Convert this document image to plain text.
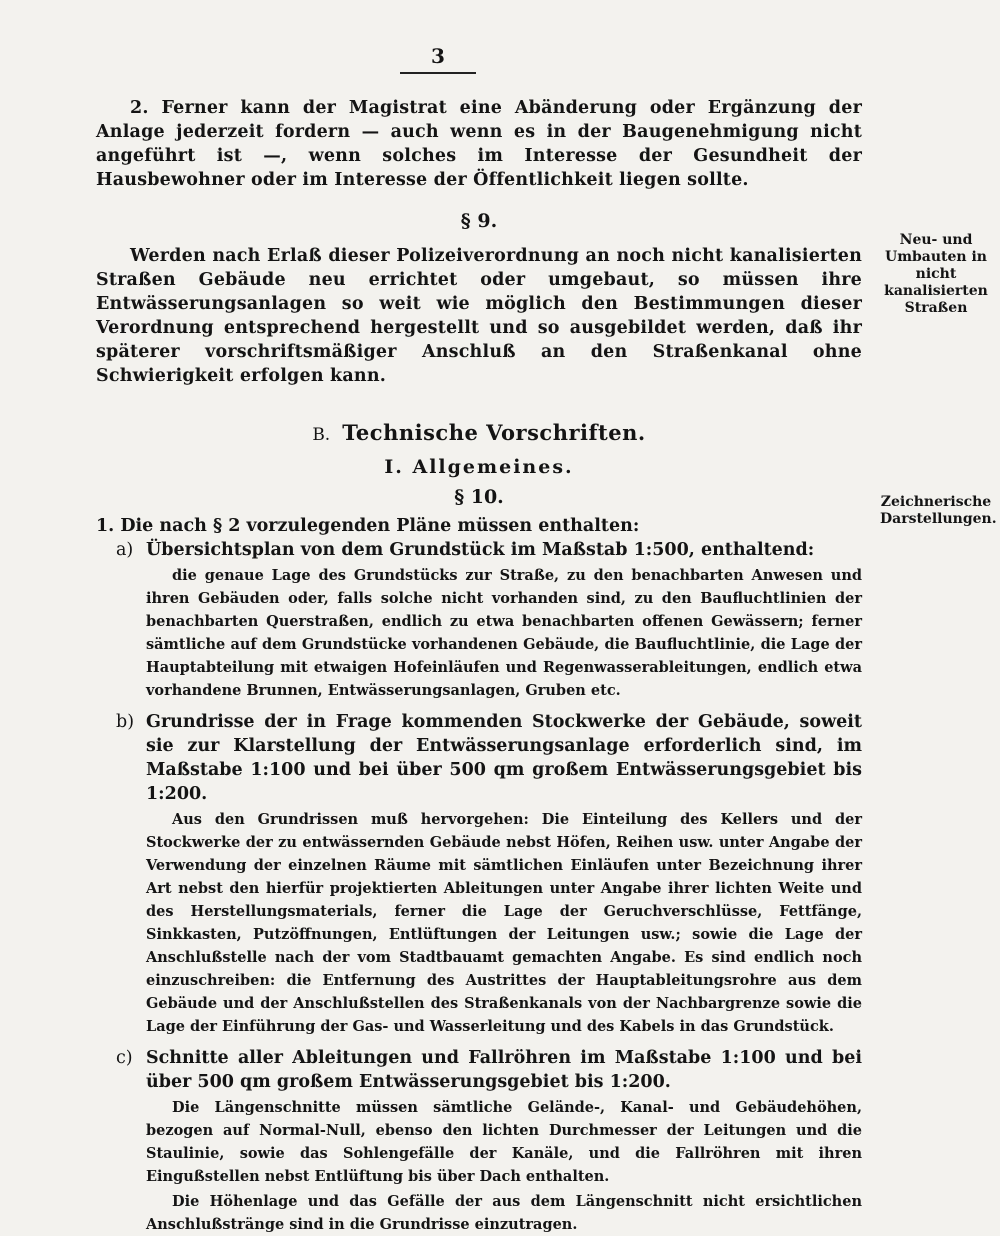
3
Neu- und Umbauten in nicht kanalisierten Straßen
Zeichnerische Darstellungen.

2. Ferner kann der Magistrat eine Abänderung oder Ergänzung der Anlage jederzeit fordern — auch wenn es in der Baugenehmigung nicht angeführt ist —, wenn solches im Interesse der Gesundheit der Hausbewohner oder im Interesse der Öffentlichkeit liegen sollte.

§ 9.

Werden nach Erlaß dieser Polizeiverordnung an noch nicht kanalisierten Straßen Gebäude neu errichtet oder umgebaut, so müssen ihre Entwässerungsanlagen so weit wie möglich den Bestimmungen dieser Verordnung entsprechend hergestellt und so ausgebildet werden, daß ihr späterer vorschriftsmäßiger Anschluß an den Straßenkanal ohne Schwierigkeit erfolgen kann.

B. Technische Vorschriften.

I. Allgemeines.

§ 10.

1. Die nach § 2 vorzulegenden Pläne müssen enthalten:

a) Übersichtsplan von dem Grundstück im Maßstab 1:500, enthaltend:

die genaue Lage des Grundstücks zur Straße, zu den benachbarten Anwesen und ihren Gebäuden oder, falls solche nicht vorhanden sind, zu den Baufluchtlinien der benachbarten Querstraßen, endlich zu etwa benachbarten offenen Gewässern; ferner sämtliche auf dem Grundstücke vorhandenen Gebäude, die Baufluchtlinie, die Lage der Hauptabteilung mit etwaigen Hofeinläufen und Regenwasserableitungen, endlich etwa vorhandene Brunnen, Entwässerungsanlagen, Gruben etc.

b) Grundrisse der in Frage kommenden Stockwerke der Gebäude, soweit sie zur Klarstellung der Entwässerungsanlage erforderlich sind, im Maßstabe 1:100 und bei über 500 qm großem Entwässerungsgebiet bis 1:200.

Aus den Grundrissen muß hervorgehen: Die Einteilung des Kellers und der Stockwerke der zu entwässernden Gebäude nebst Höfen, Reihen usw. unter Angabe der Verwendung der einzelnen Räume mit sämtlichen Einläufen unter Bezeichnung ihrer Art nebst den hierfür projektierten Ableitungen unter Angabe ihrer lichten Weite und des Herstellungsmaterials, ferner die Lage der Geruchverschlüsse, Fettfänge, Sinkkasten, Putzöffnungen, Entlüftungen der Leitungen usw.; sowie die Lage der Anschlußstelle nach der vom Stadtbauamt gemachten Angabe. Es sind endlich noch einzuschreiben: die Entfernung des Austrittes der Hauptableitungsrohre aus dem Gebäude und der Anschlußstellen des Straßenkanals von der Nachbargrenze sowie die Lage der Einführung der Gas- und Wasserleitung und des Kabels in das Grundstück.

c) Schnitte aller Ableitungen und Fallröhren im Maßstabe 1:100 und bei über 500 qm großem Entwässerungsgebiet bis 1:200.

Die Längenschnitte müssen sämtliche Gelände-, Kanal- und Gebäudehöhen, bezogen auf Normal-Null, ebenso den lichten Durchmesser der Leitungen und die Staulinie, sowie das Sohlengefälle der Kanäle, und die Fallröhren mit ihren Eingußstellen nebst Entlüftung bis über Dach enthalten.

Die Höhenlage und das Gefälle der aus dem Längenschnitt nicht ersichtlichen Anschlußstränge sind in die Grundrisse einzutragen.
